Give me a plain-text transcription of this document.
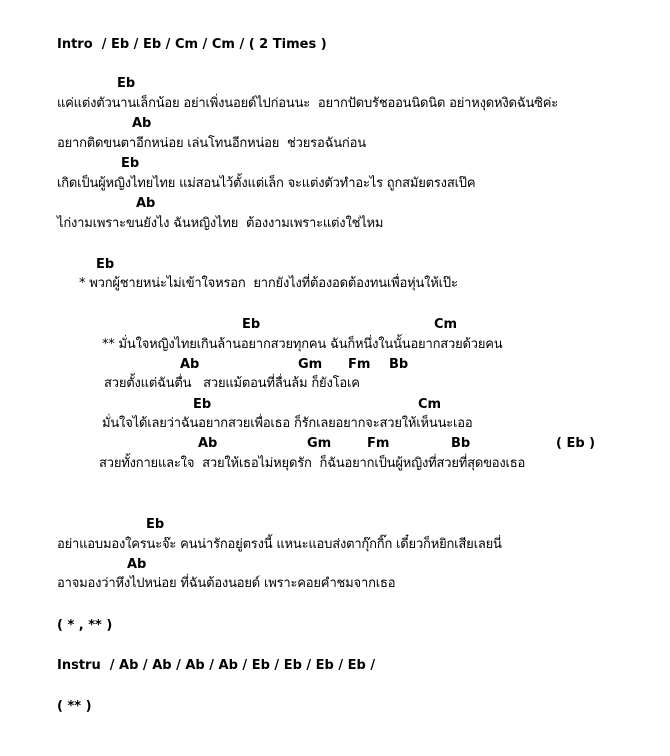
Intro  / Eb / Eb / Cm / Cm / ( 2 Times )
Eb
แค่แต่งตัวนานเล็กน้อย อย่าเพิ่งนอยด์ไปก่อนนะ  อยากปัดบรัชออนนิดนิด อย่าหงุดหงิดฉันซิค่ะ
Ab
อยากติดขนตาอีกหน่อย เล่นโทนอีกหน่อย  ช่วยรอฉันก่อน
Eb
เกิดเป็นผู้หญิงไทยไทย แม่สอนไว้ตั้งแต่เล็ก จะแต่งตัวทำอะไร ถูกสมัยตรงสเป๊ค
Ab
ไก่งามเพราะขนยังไง ฉันหญิงไทย  ต้องงามเพราะแต่งใช่ไหม
Eb
* พวกผู้ชายหน่ะไม่เข้าใจหรอก  ยากยังไงที่ต้องอดต้องทนเพื่อหุ่นให้เป๊ะ
Eb	Cm
** มั่นใจหญิงไทยเกินล้านอยากสวยทุกคน ฉันก็หนึ่งในนั้นอยากสวยด้วยคน
Ab	Gm Fm Bb
สวยตั้งแต่ฉันตื่น   สวยแม้ตอนที่ลื่นล้ม ก็ยังโอเค
Eb	Cm
มั่นใจได้เลยว่าฉันอยากสวยเพื่อเธอ ก็รักเลยอยากจะสวยให้เห็นนะเออ
Ab	Gm	Fm	Bb	( Eb )
สวยทั้งกายและใจ  สวยให้เธอไม่หยุดรัก  ก็ฉันอยากเป็นผู้หญิงที่สวยที่สุดของเธอ
Eb
อย่าแอบมองใครนะจ๊ะ คนน่ารักอยู่ตรงนี้ แหนะแอบส่งตากุ๊กกิ๊ก เดี๋ยวก็หยิกเสียเลยนี่
Ab
อาจมองว่าหึงไปหน่อย ที่ฉันต้องนอยด์ เพราะคอยคำชมจากเธอ
( * , ** )
Instru  / Ab / Ab / Ab / Ab / Eb / Eb / Eb / Eb /
( ** )
